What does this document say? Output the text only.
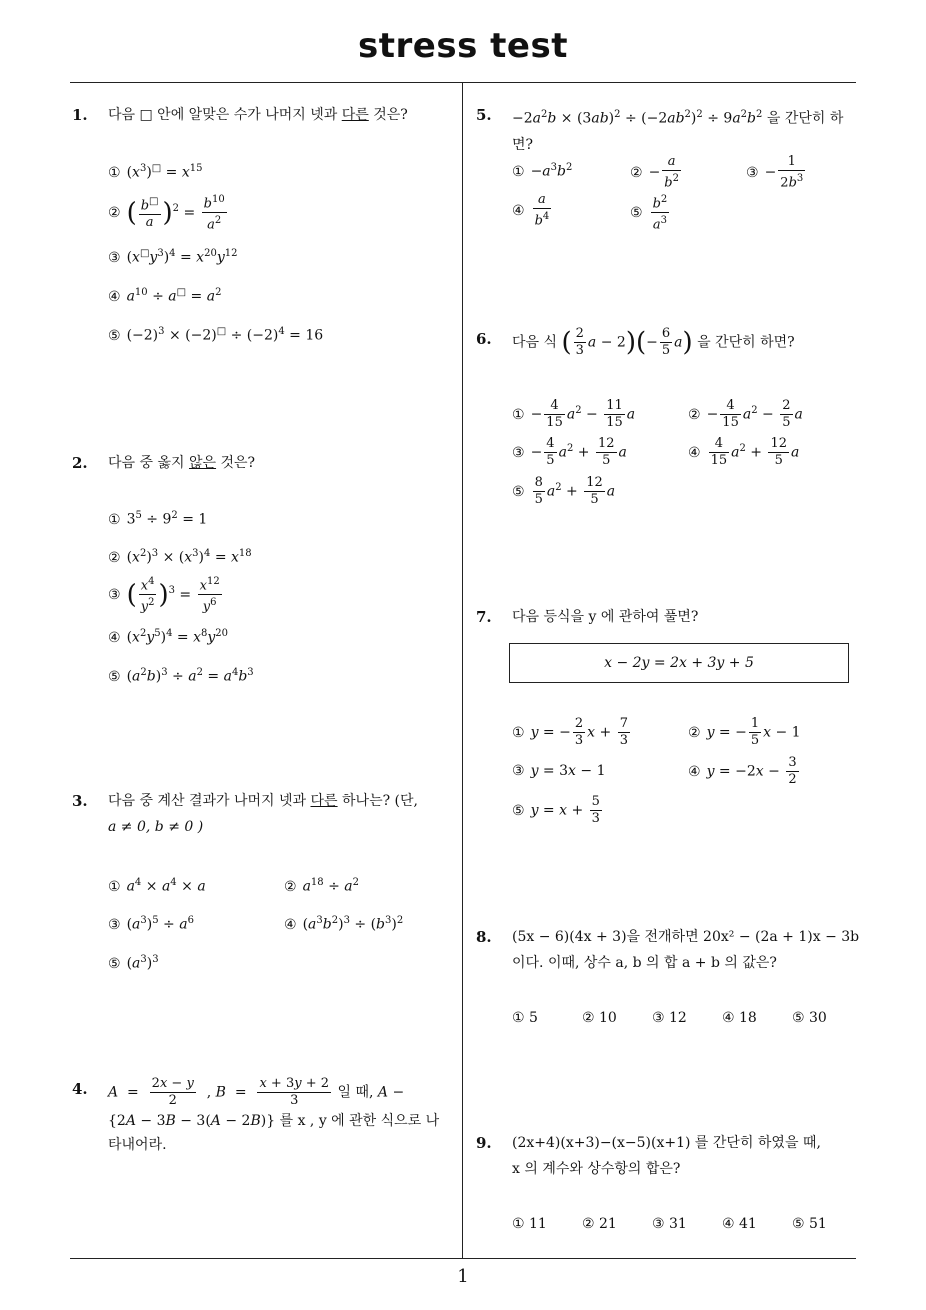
stress test
1
1. 다음 □ 안에 알맞은 수가 나머지 넷과 다른 것은?
① $(x^3)^□ = x^{15}$
② ( $\frac{b^□}{a} )^2 = \frac{b^{10}}{a^2}$
③ $(x^□y^3)^4 = x^{20}y^{12}$
④ $a^{10} \div a^□ = a^2$
⑤ $(-2)^3 \times (-2)^□ \div (-2)^4 = 16$
2. 다음 중 옳지 않은 것은?
① $3^5 \div 9^2 = 1$
② $(x^2)^3 \times (x^3)^4 = x^{18}$
③ ( $\frac{x^4}{y^2} )^3 = \frac{x^{12}}{y^6}$
④ $(x^2y^5)^4 = x^8y^{20}$
⑤ $(a^2b)^3 \div a^2 = a^4b^3$
3. 다음 중 계산 결과가 나머지 넷과 다른 하나는? (단,
a ≠ 0, b ≠ 0 )
① $a^4 \times a^4 \times a$	② $a^{18} \div a^2$
③ $(a^3)^5 \div a^6$	④ $(a^3b^2)^3 \div (b^3)^2$
⑤ $(a^3)^3$
4. $A = \frac{2x - y}{2}$ , $B = \frac{x + 3y + 2}{3}$ 일 때, A −
{2A − 3B − 3(A − 2B)} 를 x , y 에 관한 식으로 나
타내어라.
5. $-2a^2b \times (3ab)^2 \div (-2ab^2)^2 \div 9a^2b^2$ 을 간단히 하면?
① $-a^3b^2$	② − $\frac{a}{b^2}$	③ − $\frac{1}{2b^3}$
④ $\frac{a}{b^4}$	⑤ $\frac{b^2}{a^3}$
6. 다음 식 ( $\frac{2}{3}$ $a - 2)(- \frac{6}{5} a)$ 을 간단히 하면?
① − $\frac{4}{15} a^2 - \frac{11}{15}$ a	② − $\frac{4}{15} a^2 - \frac{2}{5}$ a
③ − $\frac{4}{5} a^2 + \frac{12}{5}$ a	④ $\frac{4}{15} a^2 + \frac{12}{5}$ a
⑤ $\frac{8}{5} a^2 + \frac{12}{5}$ a
7. 다음 등식을 y 에 관하여 풀면?
x − 2y = 2x + 3y + 5
① y = − $\frac{2}{3}$ $x + \frac{7}{3}$	② y = − $\frac{1}{5}$ x − 1
③ y = 3x − 1	④ $y = -2x - \frac{3}{2}$
⑤ $y = x + \frac{5}{3}$
8. (5x − 6)(4x + 3)을 전개하면 20x² − (2a + 1)x − 3b
이다. 이때, 상수 a, b 의 합 a + b 의 값은?
① 5	② 10	③ 12	④ 18	⑤ 30
9. (2x+4)(x+3)−(x−5)(x+1) 를 간단히 하였을 때,
x 의 계수와 상수항의 합은?
① 11	② 21	③ 31	④ 41	⑤ 51
